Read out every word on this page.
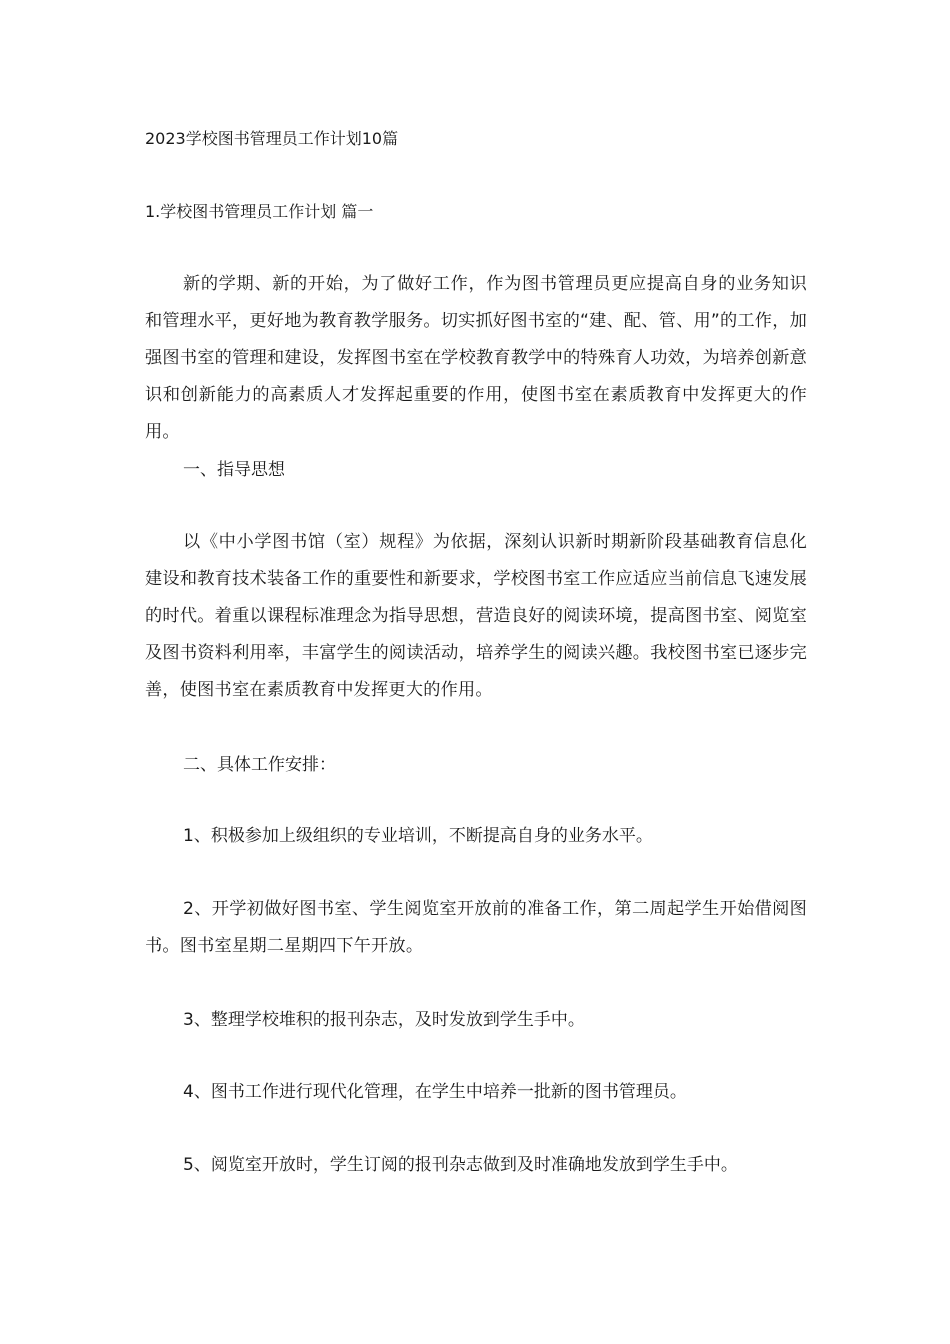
2023学校图书管理员工作计划10篇
1.学校图书管理员工作计划 篇一
新的学期、新的开始，为了做好工作，作为图书管理员更应提高自身的业务知识和管理水平，更好地为教育教学服务。切实抓好图书室的“建、配、管、用”的工作，加强图书室的管理和建设，发挥图书室在学校教育教学中的特殊育人功效，为培养创新意识和创新能力的高素质人才发挥起重要的作用，使图书室在素质教育中发挥更大的作用。
一、指导思想
以《中小学图书馆（室）规程》为依据，深刻认识新时期新阶段基础教育信息化建设和教育技术装备工作的重要性和新要求，学校图书室工作应适应当前信息飞速发展的时代。着重以课程标准理念为指导思想，营造良好的阅读环境，提高图书室、阅览室及图书资料利用率，丰富学生的阅读活动，培养学生的阅读兴趣。我校图书室已逐步完善，使图书室在素质教育中发挥更大的作用。
二、具体工作安排：
1、积极参加上级组织的专业培训，不断提高自身的业务水平。
2、开学初做好图书室、学生阅览室开放前的准备工作，第二周起学生开始借阅图书。图书室星期二星期四下午开放。
3、整理学校堆积的报刊杂志，及时发放到学生手中。
4、图书工作进行现代化管理，在学生中培养一批新的图书管理员。
5、阅览室开放时，学生订阅的报刊杂志做到及时准确地发放到学生手中。
